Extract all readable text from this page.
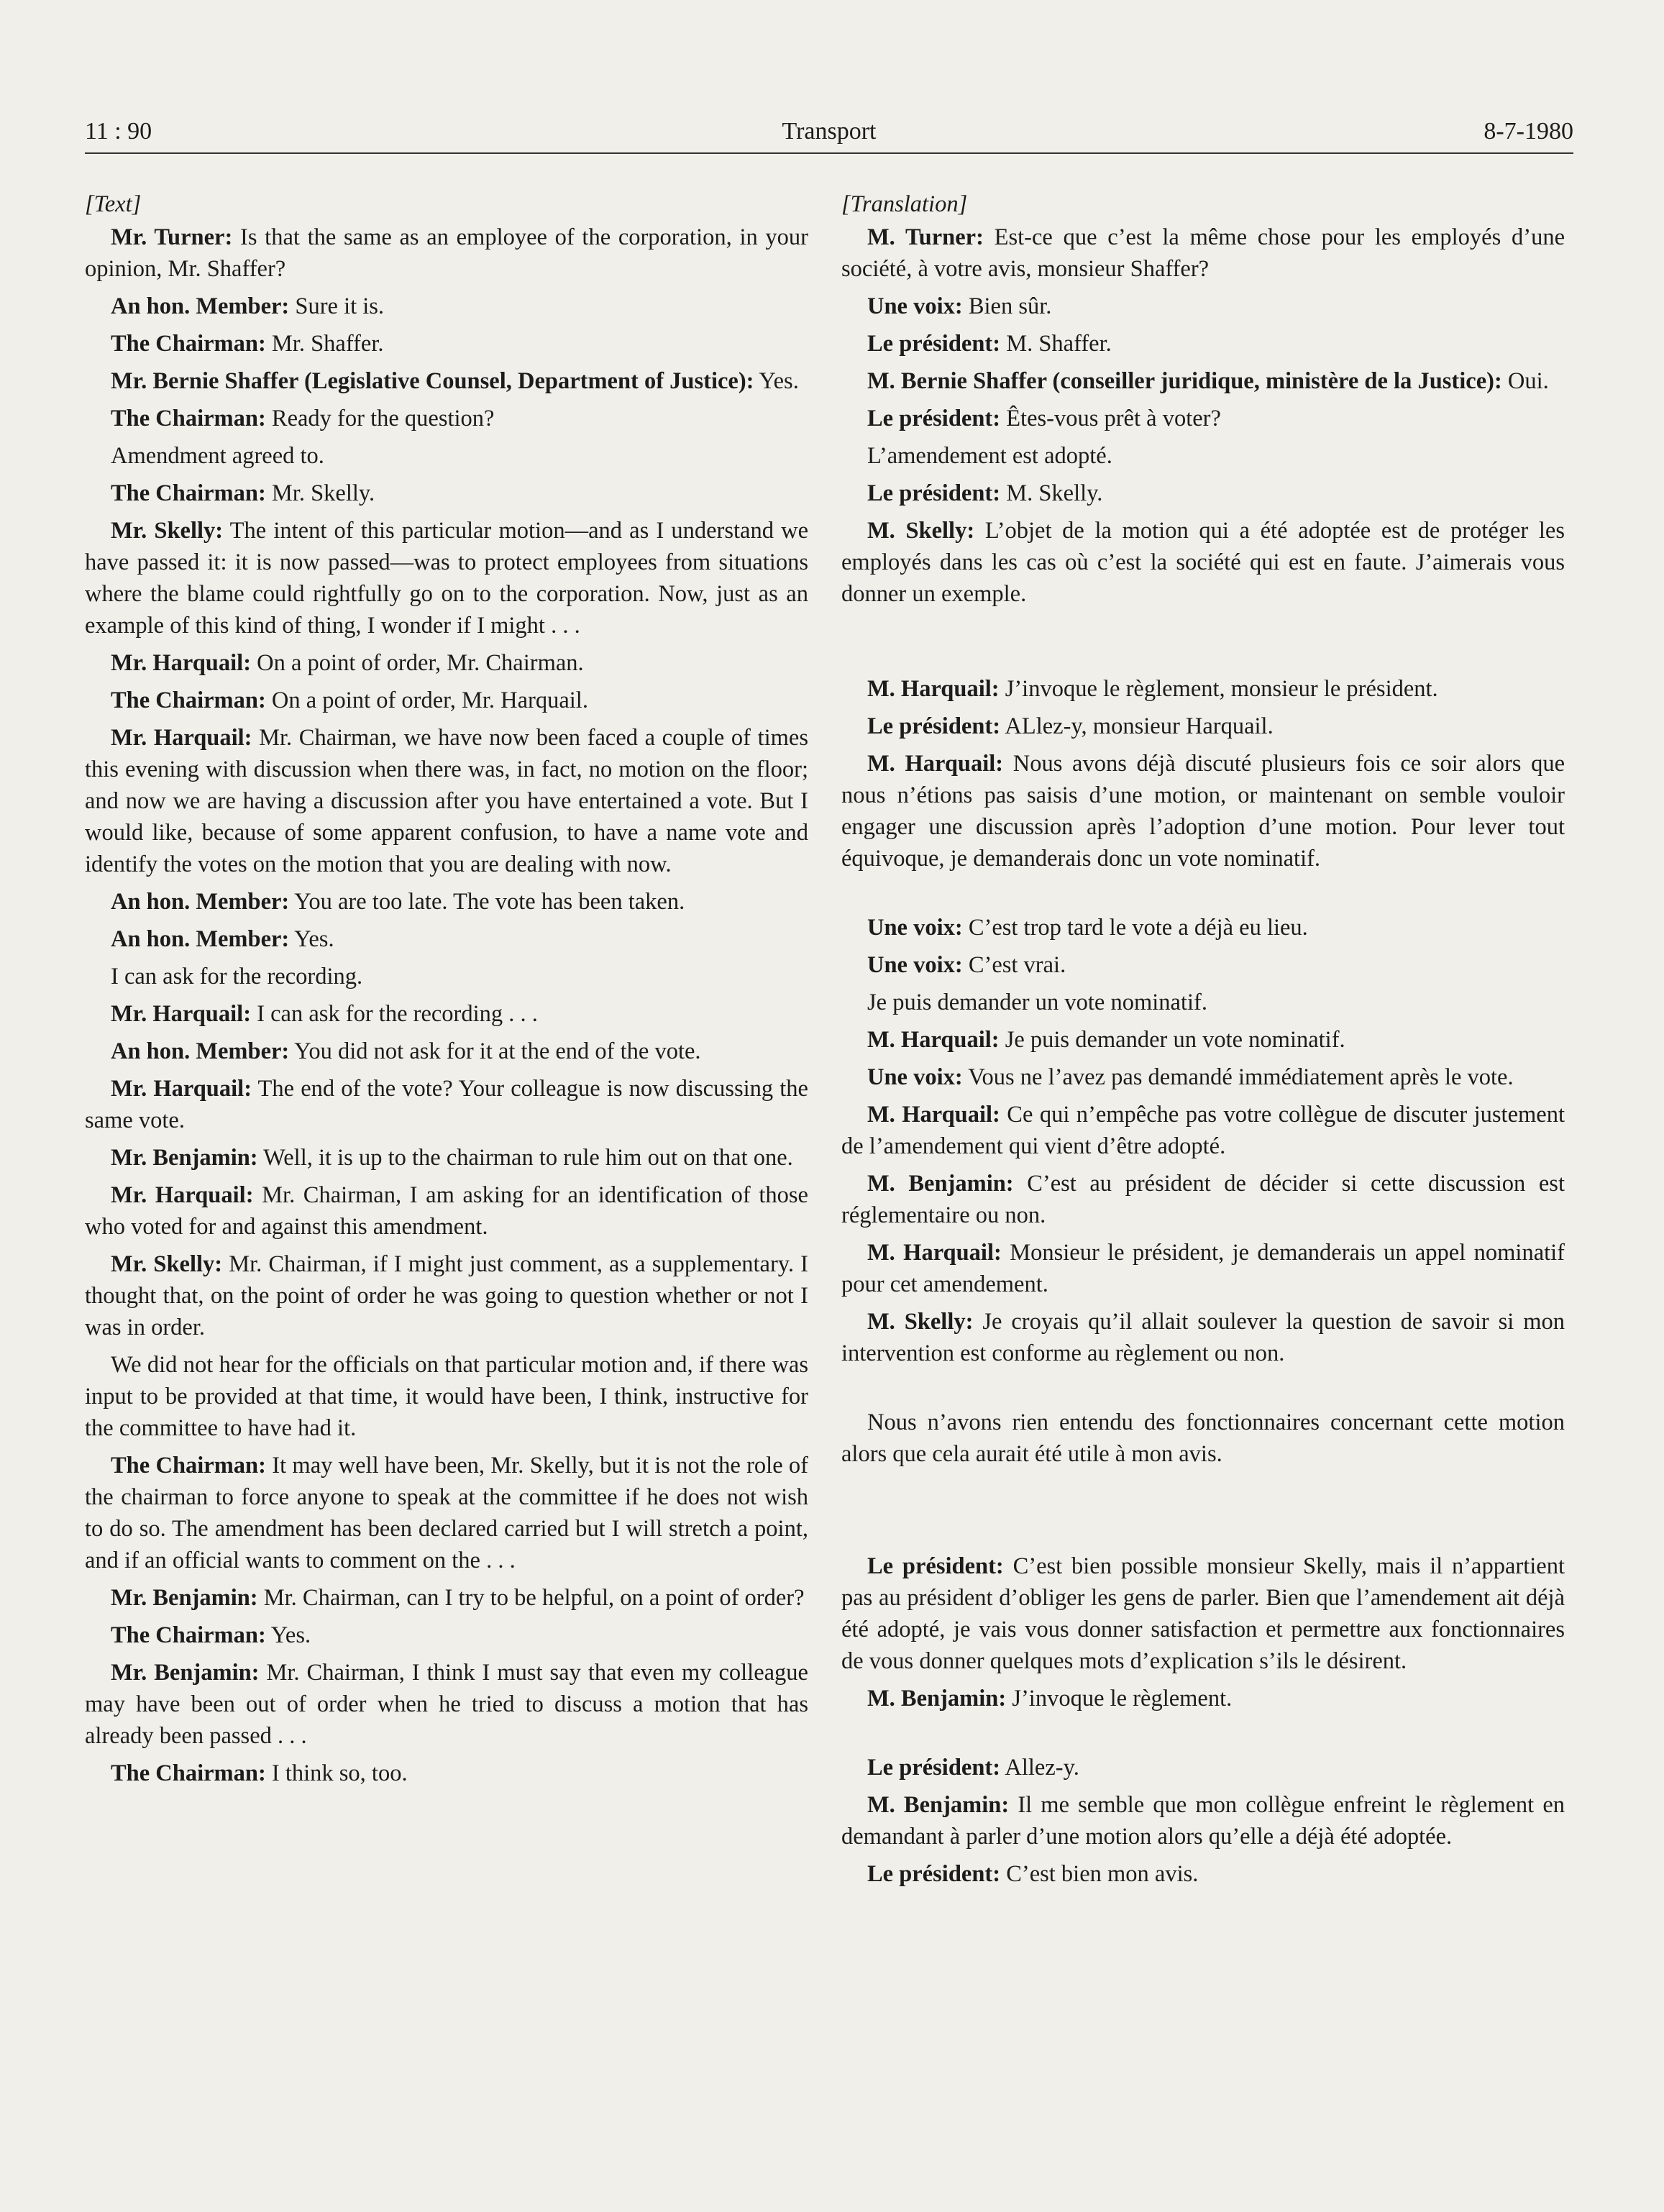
11 : 90	Transport	8-7-1980
[Text]
Mr. Turner: Is that the same as an employee of the corporation, in your opinion, Mr. Shaffer?
An hon. Member: Sure it is.
The Chairman: Mr. Shaffer.
Mr. Bernie Shaffer (Legislative Counsel, Department of Justice): Yes.
The Chairman: Ready for the question?
Amendment agreed to.
The Chairman: Mr. Skelly.
Mr. Skelly: The intent of this particular motion—and as I understand we have passed it: it is now passed—was to protect employees from situations where the blame could rightfully go on to the corporation. Now, just as an example of this kind of thing, I wonder if I might . . .
Mr. Harquail: On a point of order, Mr. Chairman.
The Chairman: On a point of order, Mr. Harquail.
Mr. Harquail: Mr. Chairman, we have now been faced a couple of times this evening with discussion when there was, in fact, no motion on the floor; and now we are having a discussion after you have entertained a vote. But I would like, because of some apparent confusion, to have a name vote and identify the votes on the motion that you are dealing with now.
An hon. Member: You are too late. The vote has been taken.
An hon. Member: Yes.
I can ask for the recording.
Mr. Harquail: I can ask for the recording . . .
An hon. Member: You did not ask for it at the end of the vote.
Mr. Harquail: The end of the vote? Your colleague is now discussing the same vote.
Mr. Benjamin: Well, it is up to the chairman to rule him out on that one.
Mr. Harquail: Mr. Chairman, I am asking for an identification of those who voted for and against this amendment.
Mr. Skelly: Mr. Chairman, if I might just comment, as a supplementary. I thought that, on the point of order he was going to question whether or not I was in order.
We did not hear for the officials on that particular motion and, if there was input to be provided at that time, it would have been, I think, instructive for the committee to have had it.
The Chairman: It may well have been, Mr. Skelly, but it is not the role of the chairman to force anyone to speak at the committee if he does not wish to do so. The amendment has been declared carried but I will stretch a point, and if an official wants to comment on the . . .
Mr. Benjamin: Mr. Chairman, can I try to be helpful, on a point of order?
The Chairman: Yes.
Mr. Benjamin: Mr. Chairman, I think I must say that even my colleague may have been out of order when he tried to discuss a motion that has already been passed . . .
The Chairman: I think so, too.
[Translation]
M. Turner: Est-ce que c’est la même chose pour les employés d’une société, à votre avis, monsieur Shaffer?
Une voix: Bien sûr.
Le président: M. Shaffer.
M. Bernie Shaffer (conseiller juridique, ministère de la Justice): Oui.
Le président: Êtes-vous prêt à voter?
L’amendement est adopté.
Le président: M. Skelly.
M. Skelly: L’objet de la motion qui a été adoptée est de protéger les employés dans les cas où c’est la société qui est en faute. J’aimerais vous donner un exemple.
M. Harquail: J’invoque le règlement, monsieur le président.
Le président: ALlez-y, monsieur Harquail.
M. Harquail: Nous avons déjà discuté plusieurs fois ce soir alors que nous n’étions pas saisis d’une motion, or maintenant on semble vouloir engager une discussion après l’adoption d’une motion. Pour lever tout équivoque, je demanderais donc un vote nominatif.
Une voix: C’est trop tard le vote a déjà eu lieu.
Une voix: C’est vrai.
Je puis demander un vote nominatif.
M. Harquail: Je puis demander un vote nominatif.
Une voix: Vous ne l’avez pas demandé immédiatement après le vote.
M. Harquail: Ce qui n’empêche pas votre collègue de discuter justement de l’amendement qui vient d’être adopté.
M. Benjamin: C’est au président de décider si cette discussion est réglementaire ou non.
M. Harquail: Monsieur le président, je demanderais un appel nominatif pour cet amendement.
M. Skelly: Je croyais qu’il allait soulever la question de savoir si mon intervention est conforme au règlement ou non.
Nous n’avons rien entendu des fonctionnaires concernant cette motion alors que cela aurait été utile à mon avis.
Le président: C’est bien possible monsieur Skelly, mais il n’appartient pas au président d’obliger les gens de parler. Bien que l’amendement ait déjà été adopté, je vais vous donner satisfaction et permettre aux fonctionnaires de vous donner quelques mots d’explication s’ils le désirent.
M. Benjamin: J’invoque le règlement.
Le président: Allez-y.
M. Benjamin: Il me semble que mon collègue enfreint le règlement en demandant à parler d’une motion alors qu’elle a déjà été adoptée.
Le président: C’est bien mon avis.
